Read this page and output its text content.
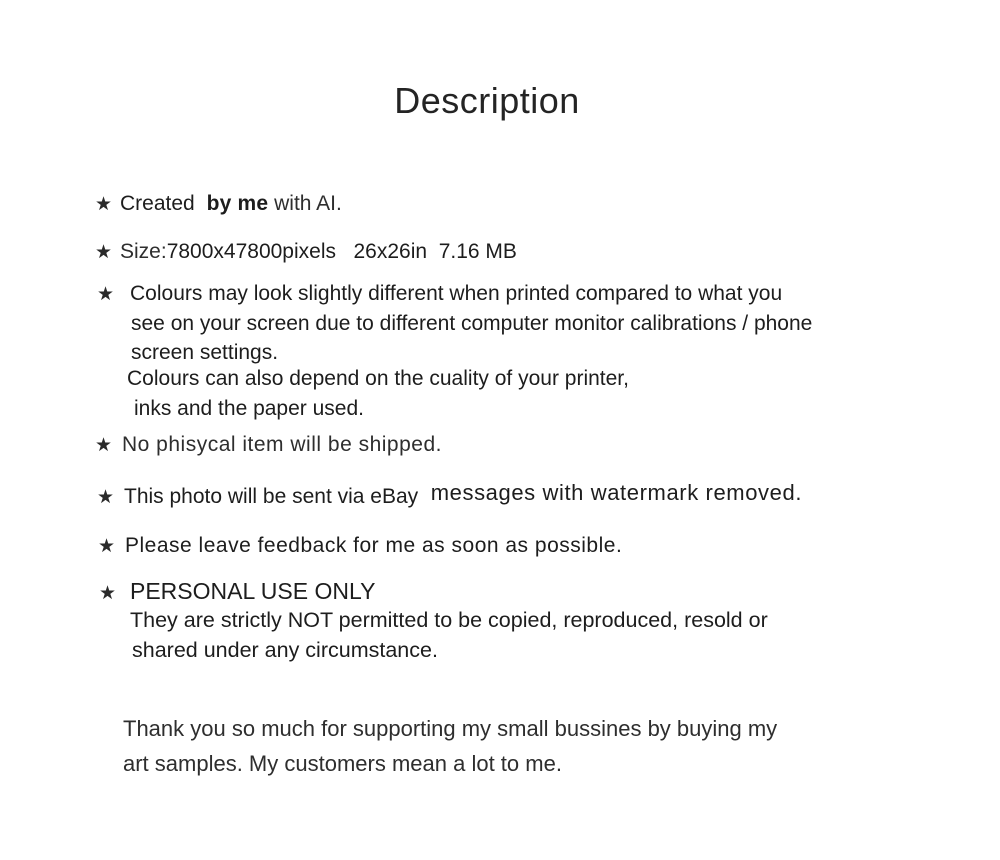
Description
★ Created by me with AI.
★ Size: 7800x47800pixels   26x26in  7.16 MB
★ Colours may look slightly different when printed compared to what you
see on your screen due to different computer monitor calibrations / phone
screen settings.
Colours can also depend on the cuality of your printer,
inks and the paper used.
★ No phisycal item will be shipped.
★ This photo will be sent via eBay messages with watermark removed.
★ Please leave feedback for me as soon as possible.
★ PERSONAL USE ONLY
They are strictly NOT permitted to be copied, reproduced, resold or
shared under any circumstance.
Thank you so much for supporting my small bussines by buying my
art samples. My customers mean a lot to me.
